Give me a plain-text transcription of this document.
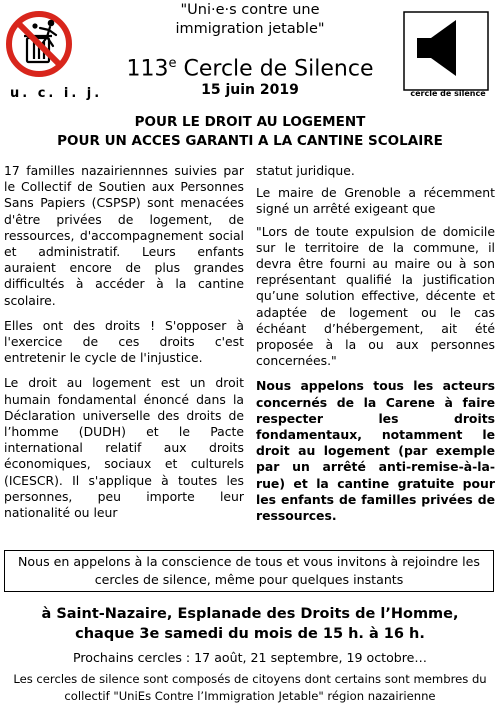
u. c. i. j.
"Uni·e·s contre une
immigration jetable"
113e Cercle de Silence
15 juin 2019	cercle de silence
POUR LE DROIT AU LOGEMENT
POUR UN ACCES GARANTI A LA CANTINE SCOLAIRE

17 familles nazairiennnes suivies par le Collectif de Soutien aux Personnes Sans Papiers (CSPSP) sont menacées d'être privées de logement, de ressources, d'accompagnement social et administratif. Leurs enfants auraient encore de plus grandes difficultés à accéder à la cantine scolaire.

Elles ont des droits ! S'opposer à l'exercice de ces droits c'est entretenir le cycle de l'injustice.

Le droit au logement est un droit humain fondamental énoncé dans la Déclaration universelle des droits de l’homme (DUDH) et le Pacte international relatif aux droits économiques, sociaux et culturels (ICESCR). Il s'applique à toutes les personnes, peu importe leur nationalité ou leur

statut juridique.

Le maire de Grenoble a récemment signé un arrêté exigeant que

"Lors de toute expulsion de domicile sur le territoire de la commune, il devra être fourni au maire ou à son représentant qualifié la justification qu’une solution effective, décente et adaptée de logement ou le cas échéant d’hébergement, ait été proposée à la ou aux personnes concernées."

Nous appelons tous les acteurs concernés de la Carene à faire respecter les droits fondamentaux, notamment le droit au logement (par exemple par un arrêté anti-remise-à-la-rue) et la cantine gratuite pour les enfants de familles privées de ressources.

Nous en appelons à la conscience de tous et vous invitons à rejoindre les
cercles de silence, même pour quelques instants
à Saint-Nazaire, Esplanade des Droits de l’Homme,
chaque 3e samedi du mois de 15 h. à 16 h.
Prochains cercles : 17 août, 21 septembre, 19 octobre…
Les cercles de silence sont composés de citoyens dont certains sont membres du
collectif "UniEs Contre l’Immigration Jetable" région nazairienne
